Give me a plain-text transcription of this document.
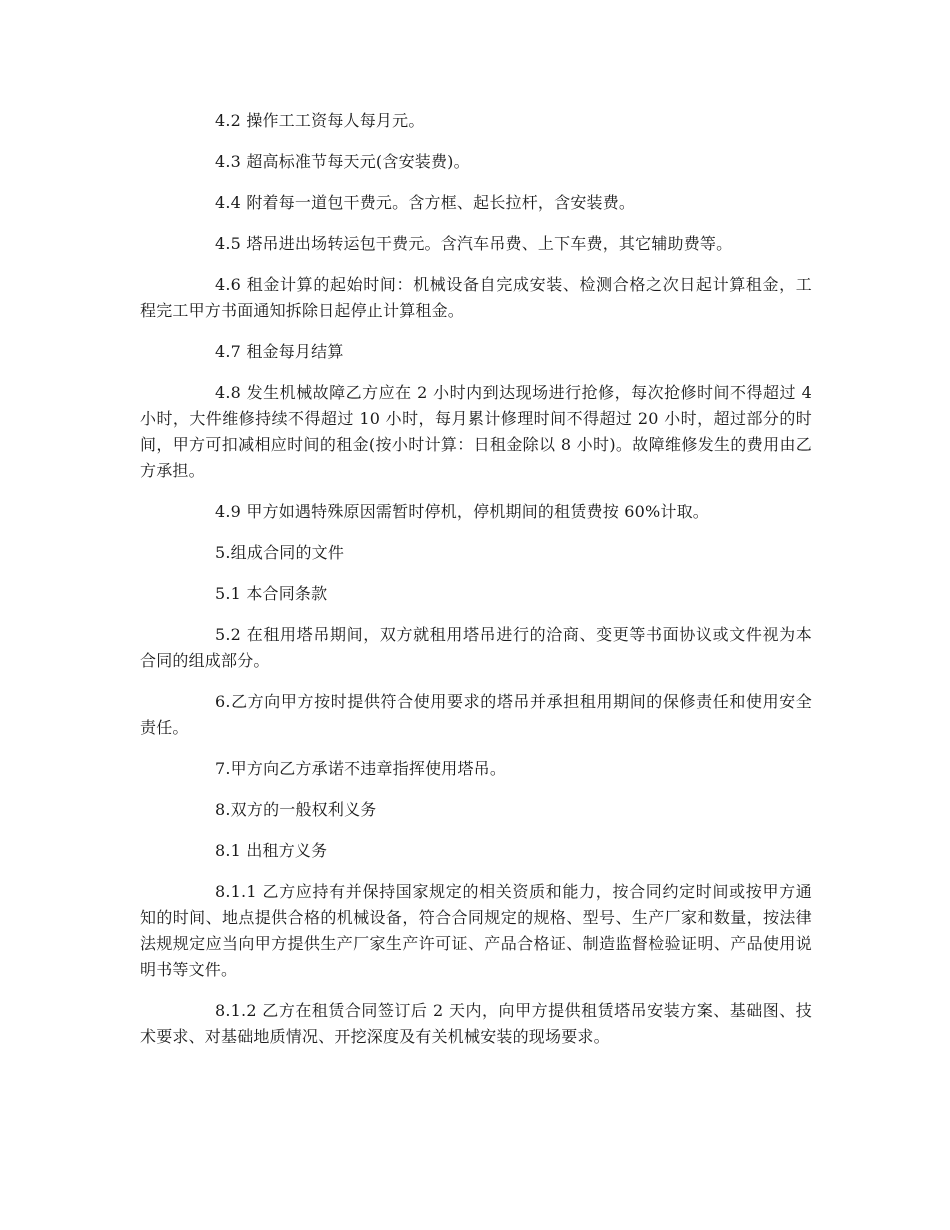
4.2 操作工工资每人每月元。

4.3 超高标准节每天元(含安装费)。

4.4 附着每一道包干费元。含方框、起长拉杆，含安装费。

4.5 塔吊进出场转运包干费元。含汽车吊费、上下车费，其它辅助费等。

4.6 租金计算的起始时间：机械设备自完成安装、检测合格之次日起计算租金，工程完工甲方书面通知拆除日起停止计算租金。

4.7 租金每月结算

4.8 发生机械故障乙方应在 2 小时内到达现场进行抢修，每次抢修时间不得超过 4 小时，大件维修持续不得超过 10 小时，每月累计修理时间不得超过 20 小时，超过部分的时间，甲方可扣减相应时间的租金(按小时计算：日租金除以 8 小时)。故障维修发生的费用由乙方承担。

4.9 甲方如遇特殊原因需暂时停机，停机期间的租赁费按 60%计取。

5.组成合同的文件

5.1 本合同条款

5.2 在租用塔吊期间，双方就租用塔吊进行的洽商、变更等书面协议或文件视为本合同的组成部分。

6.乙方向甲方按时提供符合使用要求的塔吊并承担租用期间的保修责任和使用安全责任。

7.甲方向乙方承诺不违章指挥使用塔吊。

8.双方的一般权利义务

8.1 出租方义务

8.1.1 乙方应持有并保持国家规定的相关资质和能力，按合同约定时间或按甲方通知的时间、地点提供合格的机械设备，符合合同规定的规格、型号、生产厂家和数量，按法律法规规定应当向甲方提供生产厂家生产许可证、产品合格证、制造监督检验证明、产品使用说明书等文件。

8.1.2 乙方在租赁合同签订后 2 天内，向甲方提供租赁塔吊安装方案、基础图、技术要求、对基础地质情况、开挖深度及有关机械安装的现场要求。
